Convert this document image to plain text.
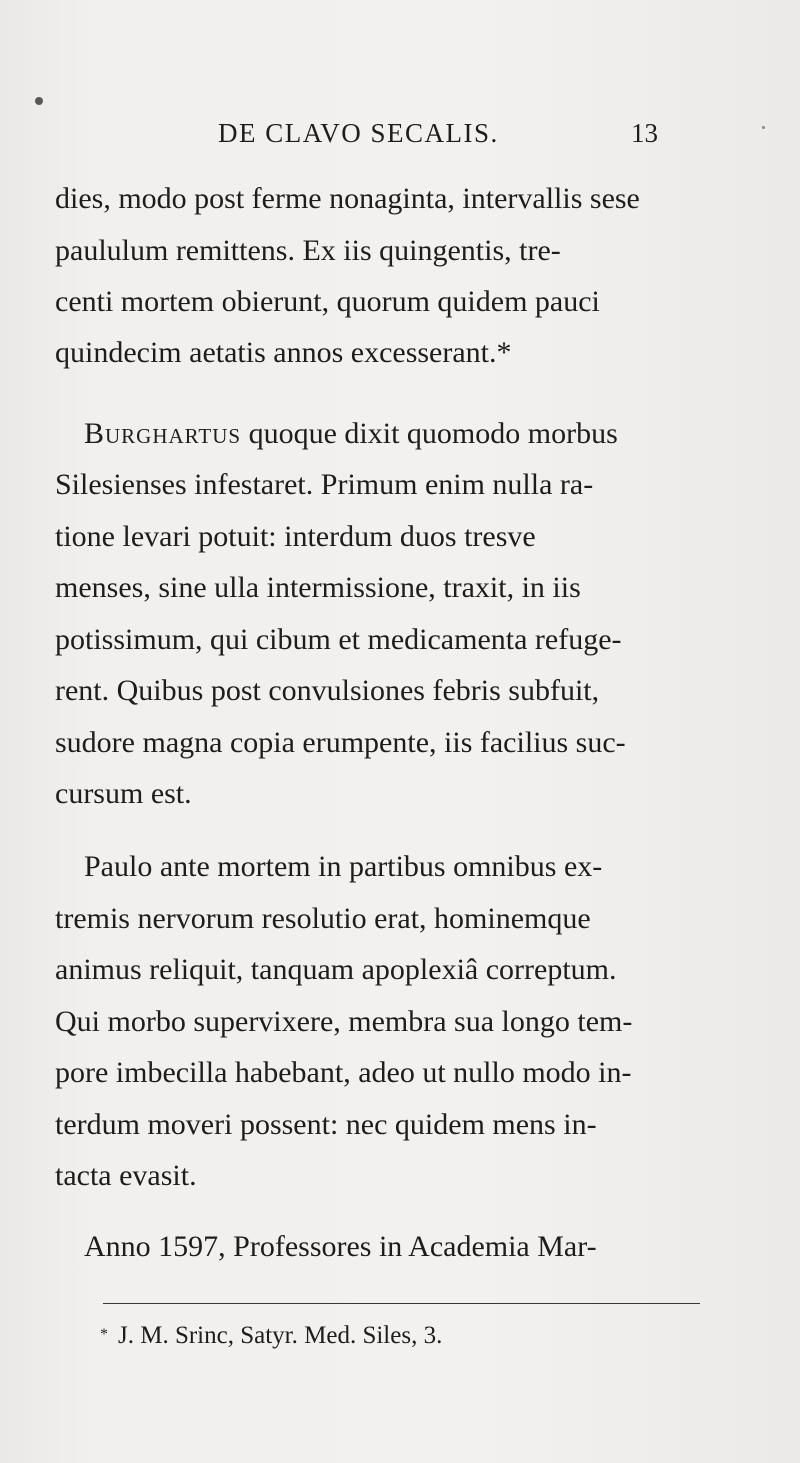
DE CLAVO SECALIS.	13
dies, modo post ferme nonaginta, intervallis sese
paululum remittens. Ex iis quingentis, tre-
centi mortem obierunt, quorum quidem pauci
quindecim aetatis annos excesserant.*
Burghartus quoque dixit quomodo morbus
Silesienses infestaret. Primum enim nulla ra-
tione levari potuit: interdum duos tresve
menses, sine ulla intermissione, traxit, in iis
potissimum, qui cibum et medicamenta refuge-
rent. Quibus post convulsiones febris subfuit,
sudore magna copia erumpente, iis facilius suc-
cursum est.
Paulo ante mortem in partibus omnibus ex-
tremis nervorum resolutio erat, hominemque
animus reliquit, tanquam apoplexiâ correptum.
Qui morbo supervixere, membra sua longo tem-
pore imbecilla habebant, adeo ut nullo modo in-
terdum moveri possent: nec quidem mens in-
tacta evasit.
Anno 1597, Professores in Academia Mar-
* J. M. Srinc, Satyr. Med. Siles, 3.
